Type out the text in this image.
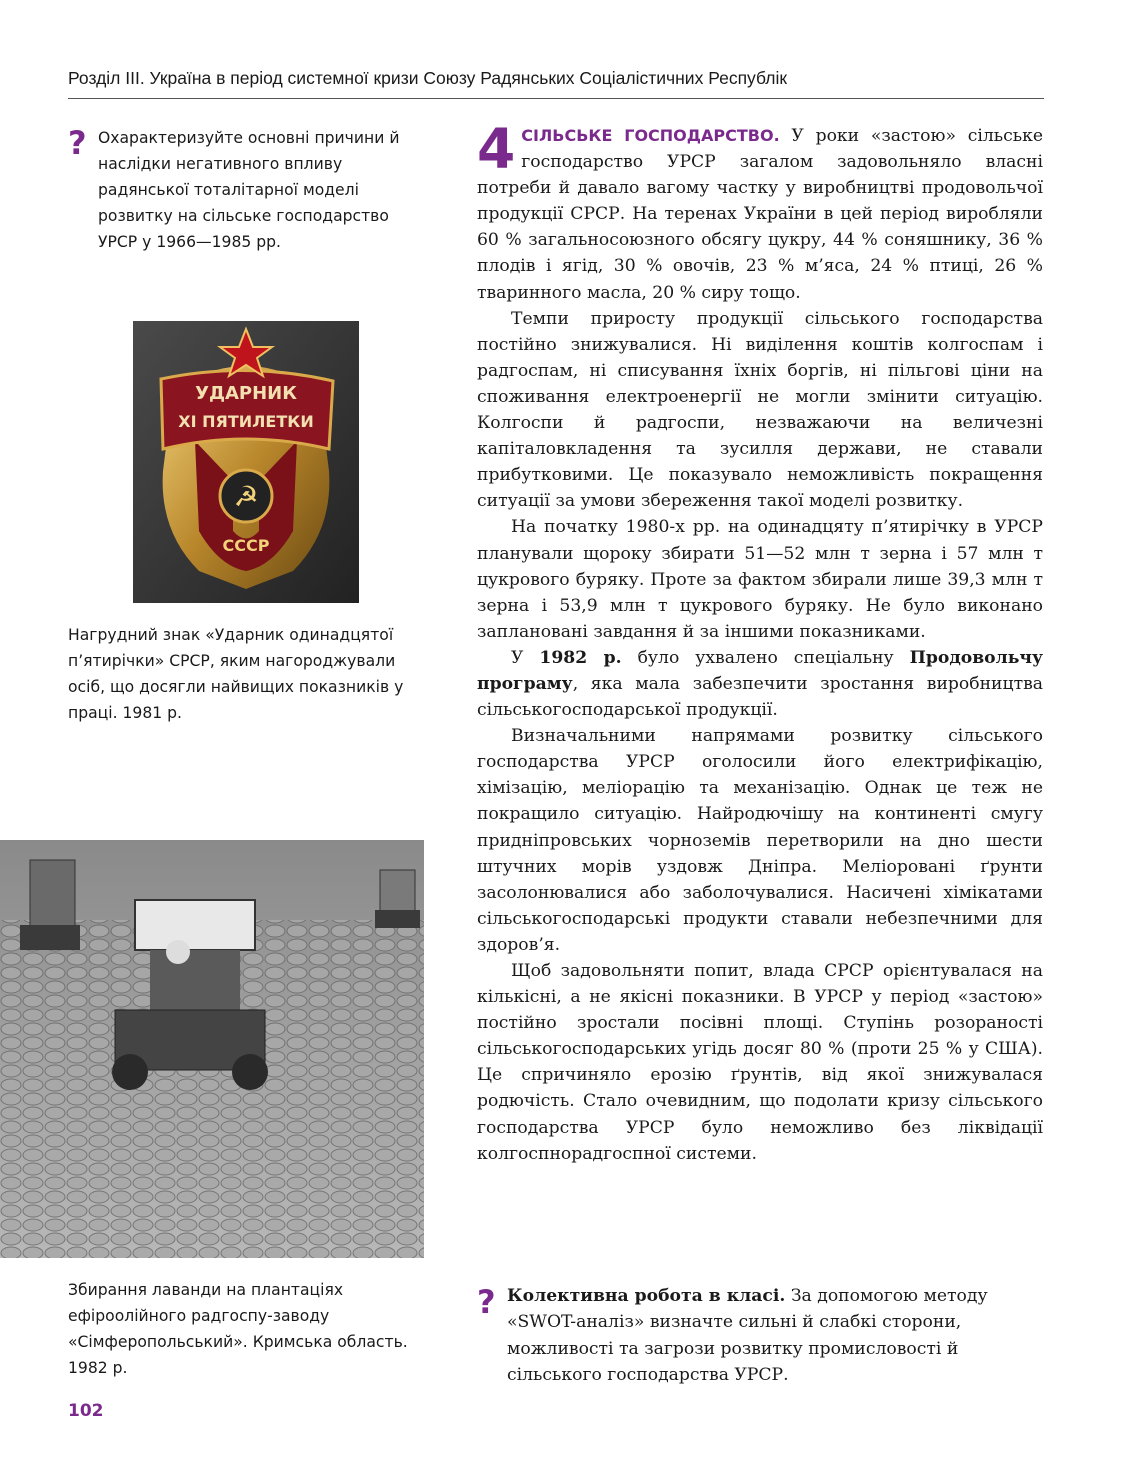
Розділ ІІІ. Україна в період системної кризи Союзу Радянських Соціалістичних Республік
? Охарактеризуйте основні причини й наслідки негативного впливу радянської тоталітарної моделі розвитку на сільське господарство УРСР у 1966—1985 рр.

УДАРНИК
XI ПЯТИЛЕТКИ
☭
СССР
Нагрудний знак «Ударник одинадцятої п’ятирічки» СРСР, яким нагороджували осіб, що досягли найвищих показників у праці. 1981 р.
Збирання лаванди на плантаціях ефіроолійного радгоспу-заводу «Сімферопольський». Кримська область. 1982 р.

4 СІЛЬСЬКЕ ГОСПОДАРСТВО. У роки «застою» сільське господарство УРСР загалом задовольняло власні потреби й давало вагому частку у виробництві продовольчої продукції СРСР. На теренах України в цей період виробляли 60 % загальносоюзного обсягу цукру, 44 % соняшнику, 36 % плодів і ягід, 30 % овочів, 23 % м’яса, 24 % птиці, 26 % тваринного масла, 20 % сиру тощо.

Темпи приросту продукції сільського господарства постійно знижувалися. Ні виділення коштів колгоспам і радгоспам, ні списування їхніх боргів, ні пільгові ціни на споживання електроенергії не могли змінити ситуацію. Колгоспи й радгоспи, незважаючи на величезні капіталовкладення та зусилля держави, не ставали прибутковими. Це показувало неможливість покращення ситуації за умови збереження такої моделі розвитку.

На початку 1980-х рр. на одинадцяту п’ятирічку в УРСР планували щороку збирати 51—52 млн т зерна і 57 млн т цукрового буряку. Проте за фактом збирали лише 39,3 млн т зерна і 53,9 млн т цукрового буряку. Не було виконано заплановані завдання й за іншими показниками.

У 1982 р. було ухвалено спеціальну Продовольчу програму, яка мала забезпечити зростання виробництва сільськогосподарської продукції.

Визначальними напрямами розвитку сільського господарства УРСР оголосили його електрифікацію, хімізацію, меліорацію та механізацію. Однак це теж не покращило ситуацію. Найродючішу на континенті смугу придніпровських чорноземів перетворили на дно шести штучних морів уздовж Дніпра. Меліоровані ґрунти засолонювалися або заболочувалися. Насичені хімікатами сільськогосподарські продукти ставали небезпечними для здоров’я.

Щоб задовольняти попит, влада СРСР орієнтувалася на кількісні, а не якісні показники. В УРСР у період «застою» постійно зростали посівні площі. Ступінь розораності сільськогосподарських угідь досяг 80 % (проти 25 % у США). Це спричиняло ерозію ґрунтів, від якої знижувалася родючість. Стало очевидним, що подолати кризу сільського господарства УРСР було неможливо без ліквідації колгоспнорадгоспної системи.

? Колективна робота в класі. За допомогою методу «SWOT-аналіз» визначте сильні й слабкі сторони, можливості та загрози розвитку промисловості й сільського господарства УРСР.

102
